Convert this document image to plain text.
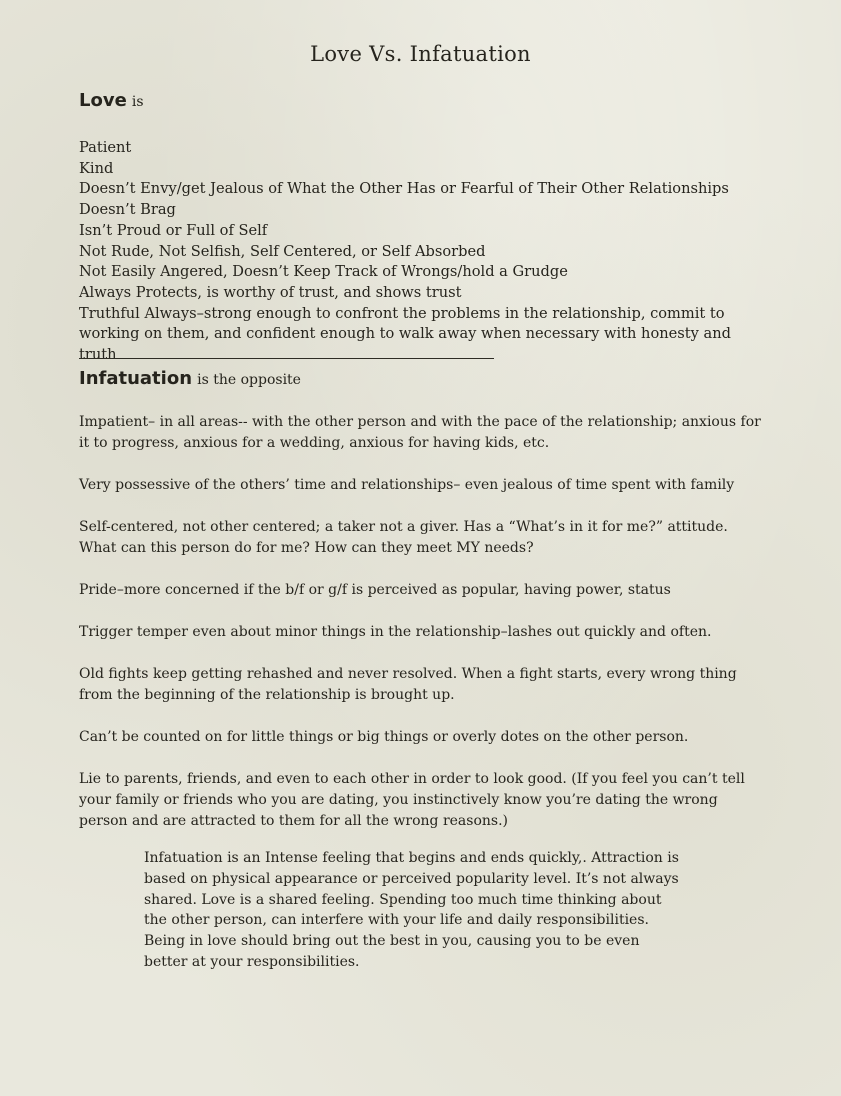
Love Vs. Infatuation
Love is
Patient
Kind
Doesn’t Envy/get Jealous of What the Other Has or Fearful of Their Other Relationships
Doesn’t Brag
Isn’t Proud or Full of Self
Not Rude, Not Selfish, Self Centered, or Self Absorbed
Not Easily Angered, Doesn’t Keep Track of Wrongs/hold a Grudge
Always Protects, is worthy of trust, and shows trust
Truthful Always–strong enough to confront the problems in the relationship, commit to working on them, and confident enough to walk away when necessary with honesty and truth
Infatuation is the opposite

Impatient– in all areas-- with the other person and with the pace of the relationship; anxious for it to progress, anxious for a wedding, anxious for having kids, etc.

Very possessive of the others’ time and relationships– even jealous of time spent with family

Self-centered, not other centered; a taker not a giver. Has a “What’s in it for me?” attitude. What can this person do for me? How can they meet MY needs?

Pride–more concerned if the b/f or g/f is perceived as popular, having power, status

Trigger temper even about minor things in the relationship–lashes out quickly and often.

Old fights keep getting rehashed and never resolved. When a fight starts, every wrong thing from the beginning of the relationship is brought up.

Can’t be counted on for little things or big things or overly dotes on the other person.

Lie to parents, friends, and even to each other in order to look good. (If you feel you can’t tell your family or friends who you are dating, you instinctively know you’re dating the wrong person and are attracted to them for all the wrong reasons.)

Infatuation is an Intense feeling that begins and ends quickly,. Attraction is based on physical appearance or perceived popularity level. It’s not always shared. Love is a shared feeling. Spending too much time thinking about the other person, can interfere with your life and daily responsibilities. Being in love should bring out the best in you, causing you to be even better at your responsibilities.
